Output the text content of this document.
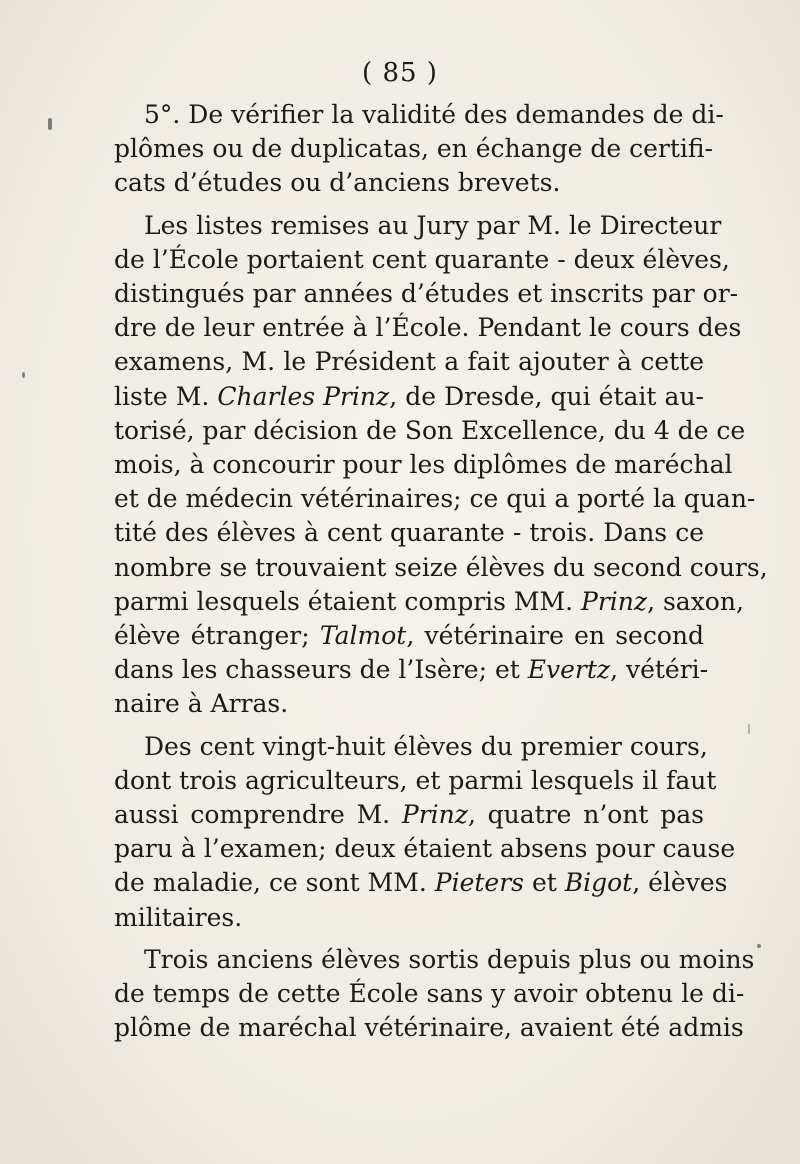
( 85 )
5°. De vérifier la validité des demandes de di-
plômes ou de duplicatas, en échange de certifi-
cats d’études ou d’anciens brevets.
Les listes remises au Jury par M. le Directeur
de l’École portaient cent quarante - deux élèves,
distingués par années d’études et inscrits par or-
dre de leur entrée à l’École. Pendant le cours des
examens, M. le Président a fait ajouter à cette
liste M. Charles Prinz, de Dresde, qui était au-
torisé, par décision de Son Excellence, du 4 de ce
mois, à concourir pour les diplômes de maréchal
et de médecin vétérinaires; ce qui a porté la quan-
tité des élèves à cent quarante - trois. Dans ce
nombre se trouvaient seize élèves du second cours,
parmi lesquels étaient compris MM. Prinz, saxon,
élève étranger; Talmot, vétérinaire en second
dans les chasseurs de l’Isère; et Evertz, vétéri-
naire à Arras.
Des cent vingt-huit élèves du premier cours,
dont trois agriculteurs, et parmi lesquels il faut
aussi comprendre M. Prinz, quatre n’ont pas
paru à l’examen; deux étaient absens pour cause
de maladie, ce sont MM. Pieters et Bigot, élèves
militaires.
Trois anciens élèves sortis depuis plus ou moins
de temps de cette École sans y avoir obtenu le di-
plôme de maréchal vétérinaire, avaient été admis
